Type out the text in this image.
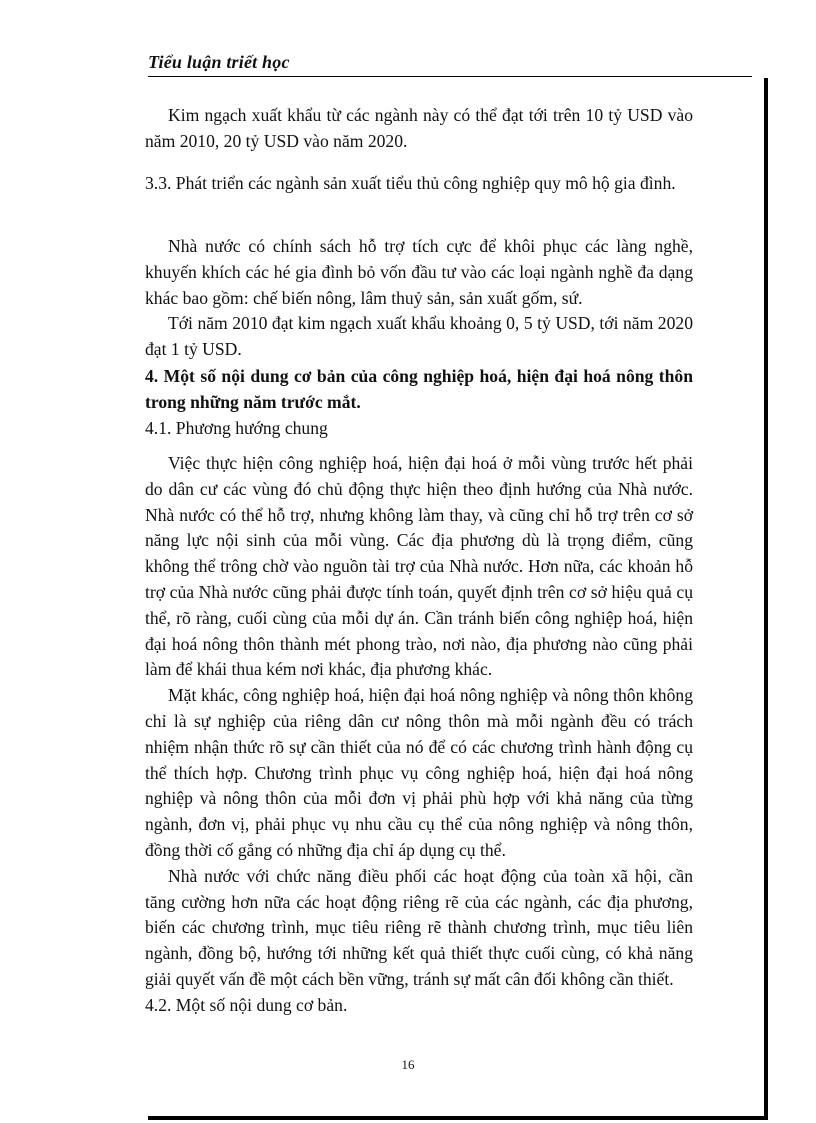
Tiểu luận triết học

Kim ngạch xuất khẩu từ các ngành này có thể đạt tới trên 10 tỷ USD vào năm 2010, 20 tỷ USD vào năm 2020.

3.3. Phát triển các ngành sản xuất tiểu thủ công nghiệp quy mô hộ gia đình.

Nhà nước có chính sách hỗ trợ tích cực để khôi phục các làng nghề, khuyến khích các hé gia đình bỏ vốn đầu tư vào các loại ngành nghề đa dạng khác bao gồm: chế biến nông, lâm thuỷ sản, sản xuất gốm, sứ.

Tới năm 2010 đạt kim ngạch xuất khẩu khoảng 0, 5 tỷ USD, tới năm 2020 đạt 1 tỷ USD.

4. Một số nội dung cơ bản của công nghiệp hoá, hiện đại hoá nông thôn trong những năm trước mắt.

4.1. Phương hướng chung

Việc thực hiện công nghiệp hoá, hiện đại hoá ở mỗi vùng trước hết phải do dân cư các vùng đó chủ động thực hiện theo định hướng của Nhà nước. Nhà nước có thể hỗ trợ, nhưng không làm thay, và cũng chỉ hỗ trợ trên cơ sở năng lực nội sinh của mỗi vùng. Các địa phương dù là trọng điểm, cũng không thể trông chờ vào nguồn tài trợ của Nhà nước. Hơn nữa, các khoản hỗ trợ của Nhà nước cũng phải được tính toán, quyết định trên cơ sở hiệu quả cụ thể, rõ ràng, cuối cùng của mỗi dự án. Cần tránh biến công nghiệp hoá, hiện đại hoá nông thôn thành mét phong trào, nơi nào, địa phương nào cũng phải làm để khái thua kém nơi khác, địa phương khác.

Mặt khác, công nghiệp hoá, hiện đại hoá nông nghiệp và nông thôn không chỉ là sự nghiệp của riêng dân cư nông thôn mà mỗi ngành đều có trách nhiệm nhận thức rõ sự cần thiết của nó để có các chương trình hành động cụ thể thích hợp. Chương trình phục vụ công nghiệp hoá, hiện đại hoá nông nghiệp và nông thôn của mỗi đơn vị phải phù hợp với khả năng của từng ngành, đơn vị, phải phục vụ nhu cầu cụ thể của nông nghiệp và nông thôn, đồng thời cố gắng có những địa chỉ áp dụng cụ thể.

Nhà nước với chức năng điều phối các hoạt động của toàn xã hội, cần tăng cường hơn nữa các hoạt động riêng rẽ của các ngành, các địa phương, biến các chương trình, mục tiêu riêng rẽ thành chương trình, mục tiêu liên ngành, đồng bộ, hướng tới những kết quả thiết thực cuối cùng, có khả năng giải quyết vấn đề một cách bền vững, tránh sự mất cân đối không cần thiết.

4.2. Một số nội dung cơ bản.

16
